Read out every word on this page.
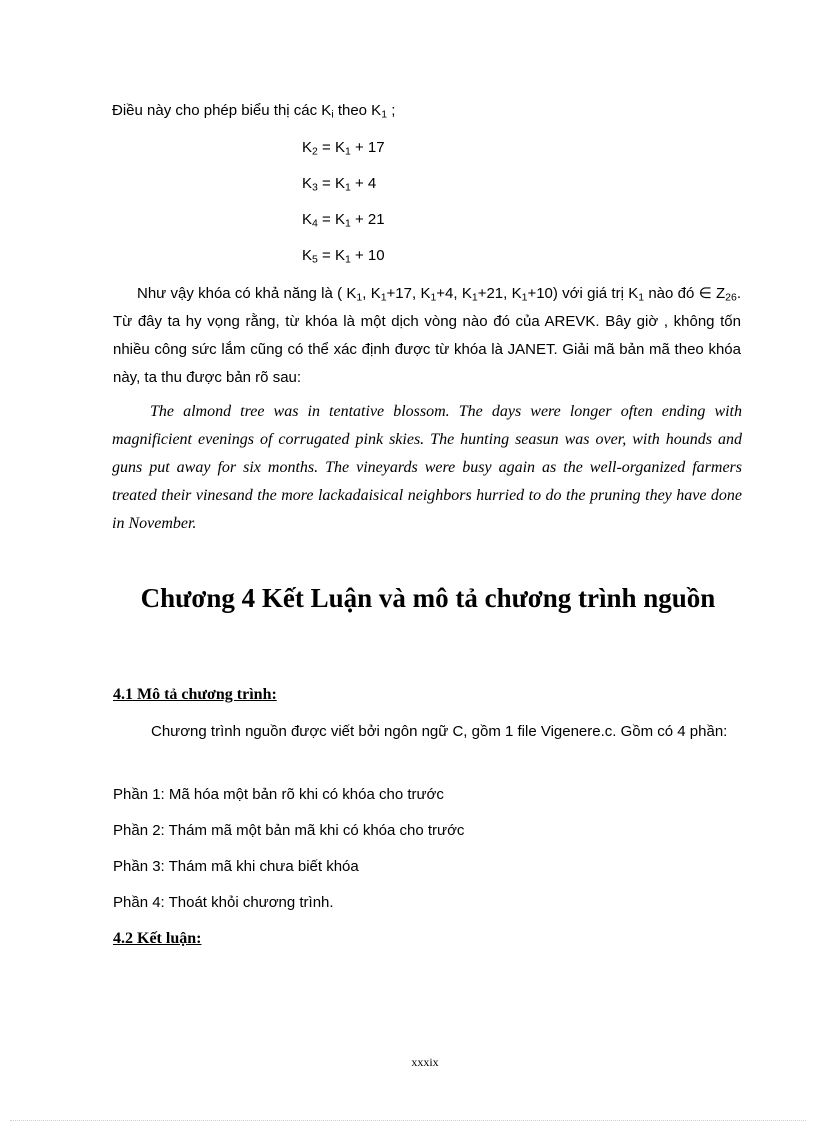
Điều này cho phép biểu thị các $K_i$ theo $K_1$ ;
$K_2 = K_1 + 17$
$K_3 = K_1 + 4$
$K_4 = K_1 + 21$
$K_5 = K_1 + 10$
Như vậy khóa có khả năng là ( $K_1$, $K_1+17$, $K_1+4$, $K_1+21$, $K_1+10$) với giá trị $K_1$ nào đó ∈ $Z_{26}$. Từ đây ta hy vọng rằng, từ khóa là một dịch vòng nào đó của AREVK. Bây giờ , không tốn nhiều công sức lắm cũng có thể xác định được từ khóa là JANET. Giải mã bản mã theo khóa này, ta thu được bản rõ sau:
The almond tree was in tentative blossom. The days were longer often ending with magnificient evenings of corrugated pink skies. The hunting seasun was over, with hounds and guns put away for six months. The vineyards were busy again as the well-organized farmers treated their vinesand the more lackadaisical neighbors hurried to do the pruning they have done in November.
Chương 4 Kết Luận và mô tả chương trình nguồn
4.1 Mô tả chương trình:
Chương trình nguồn được viết bởi ngôn ngữ C, gồm 1 file Vigenere.c. Gồm có 4 phần:
Phần 1: Mã hóa một bản rõ khi có khóa cho trước
Phần 2: Thám mã một bản mã khi có khóa cho trước
Phần 3: Thám mã khi chưa biết khóa
Phần 4: Thoát khỏi chương trình.
4.2 Kết luận:
xxxix
